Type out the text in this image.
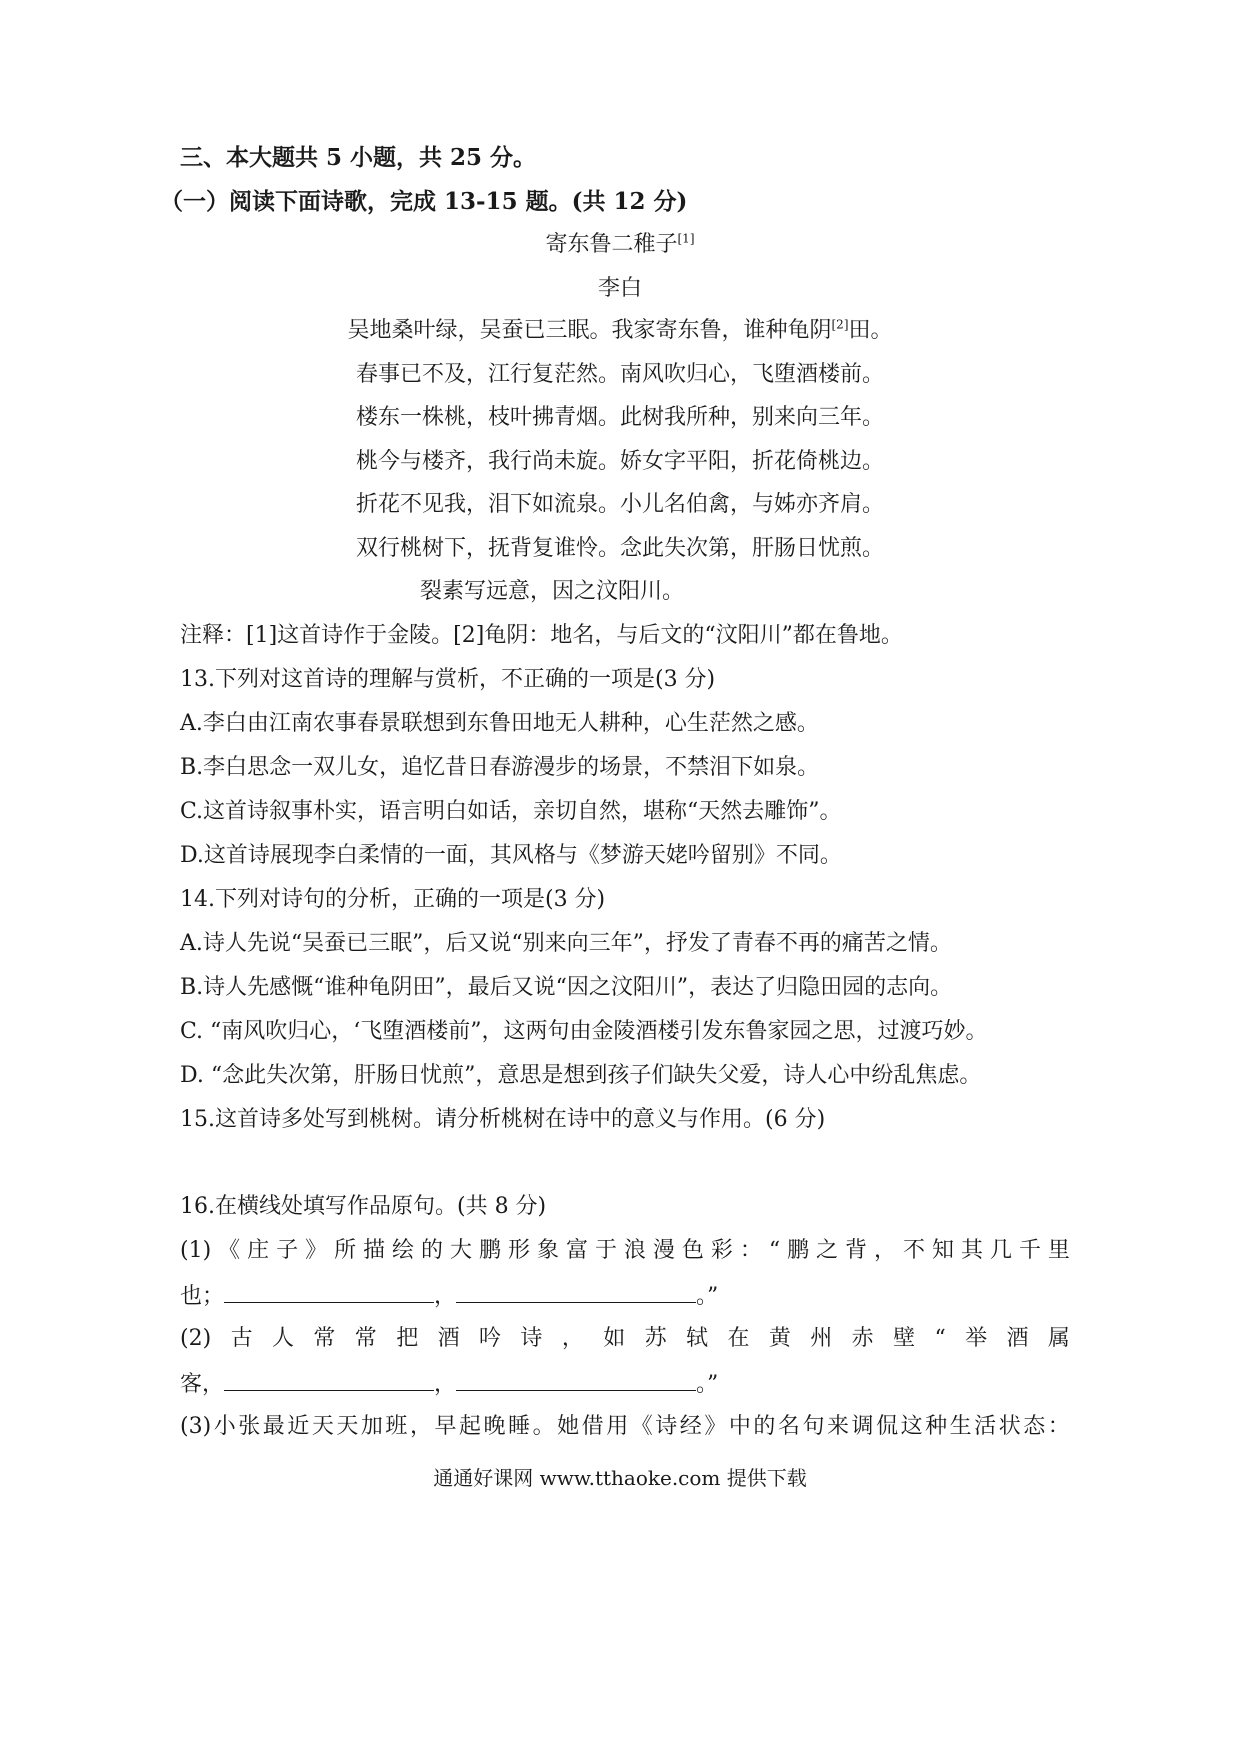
三、本大题共 5 小题，共 25 分。
（一）阅读下面诗歌，完成 13-15 题。(共 12 分)
寄东鲁二稚子[1]
李白
吴地桑叶绿，吴蚕已三眠。我家寄东鲁，谁种龟阴[2]田。
春事已不及，江行复茫然。南风吹归心，飞堕酒楼前。
楼东一株桃，枝叶拂青烟。此树我所种，别来向三年。
桃今与楼齐，我行尚未旋。娇女字平阳，折花倚桃边。
折花不见我，泪下如流泉。小儿名伯禽，与姊亦齐肩。
双行桃树下，抚背复谁怜。念此失次第，肝肠日忧煎。
裂素写远意，因之汶阳川。
注释：[1]这首诗作于金陵。[2]龟阴：地名，与后文的“汶阳川”都在鲁地。
13.下列对这首诗的理解与赏析，不正确的一项是(3 分)
A.李白由江南农事春景联想到东鲁田地无人耕种，心生茫然之感。
B.李白思念一双儿女，追忆昔日春游漫步的场景，不禁泪下如泉。
C.这首诗叙事朴实，语言明白如话，亲切自然，堪称“天然去雕饰”。
D.这首诗展现李白柔情的一面，其风格与《梦游天姥吟留别》不同。
14.下列对诗句的分析，正确的一项是(3 分)
A.诗人先说“吴蚕已三眠”，后又说“别来向三年”，抒发了青春不再的痛苦之情。
B.诗人先感慨“谁种龟阴田”，最后又说“因之汶阳川”，表达了归隐田园的志向。
C. “南风吹归心，‘飞堕酒楼前”，这两句由金陵酒楼引发东鲁家园之思，过渡巧妙。
D. “念此失次第，肝肠日忧煎”，意思是想到孩子们缺失父爱，诗人心中纷乱焦虑。
15.这首诗多处写到桃树。请分析桃树在诗中的意义与作用。(6 分)
16.在横线处填写作品原句。(共 8 分)
(1) 《 庄 子 》 所 描 绘 的 大 鹏 形 象 富 于 浪 漫 色 彩 ： “ 鹏 之 背 ， 不 知 其 几 千 里
也；	，	。”
(2) 古 人 常 常 把 酒 吟 诗 ， 如 苏 轼 在 黄 州 赤 壁 “ 举 酒 属
客，	，	。”
(3) 小 张 最 近 天 天 加 班 ， 早 起 晚 睡 。 她 借 用 《 诗 经 》 中 的 名 句 来 调 侃 这 种 生 活 状 态 ：
通通好课网 www.tthaoke.com 提供下载
